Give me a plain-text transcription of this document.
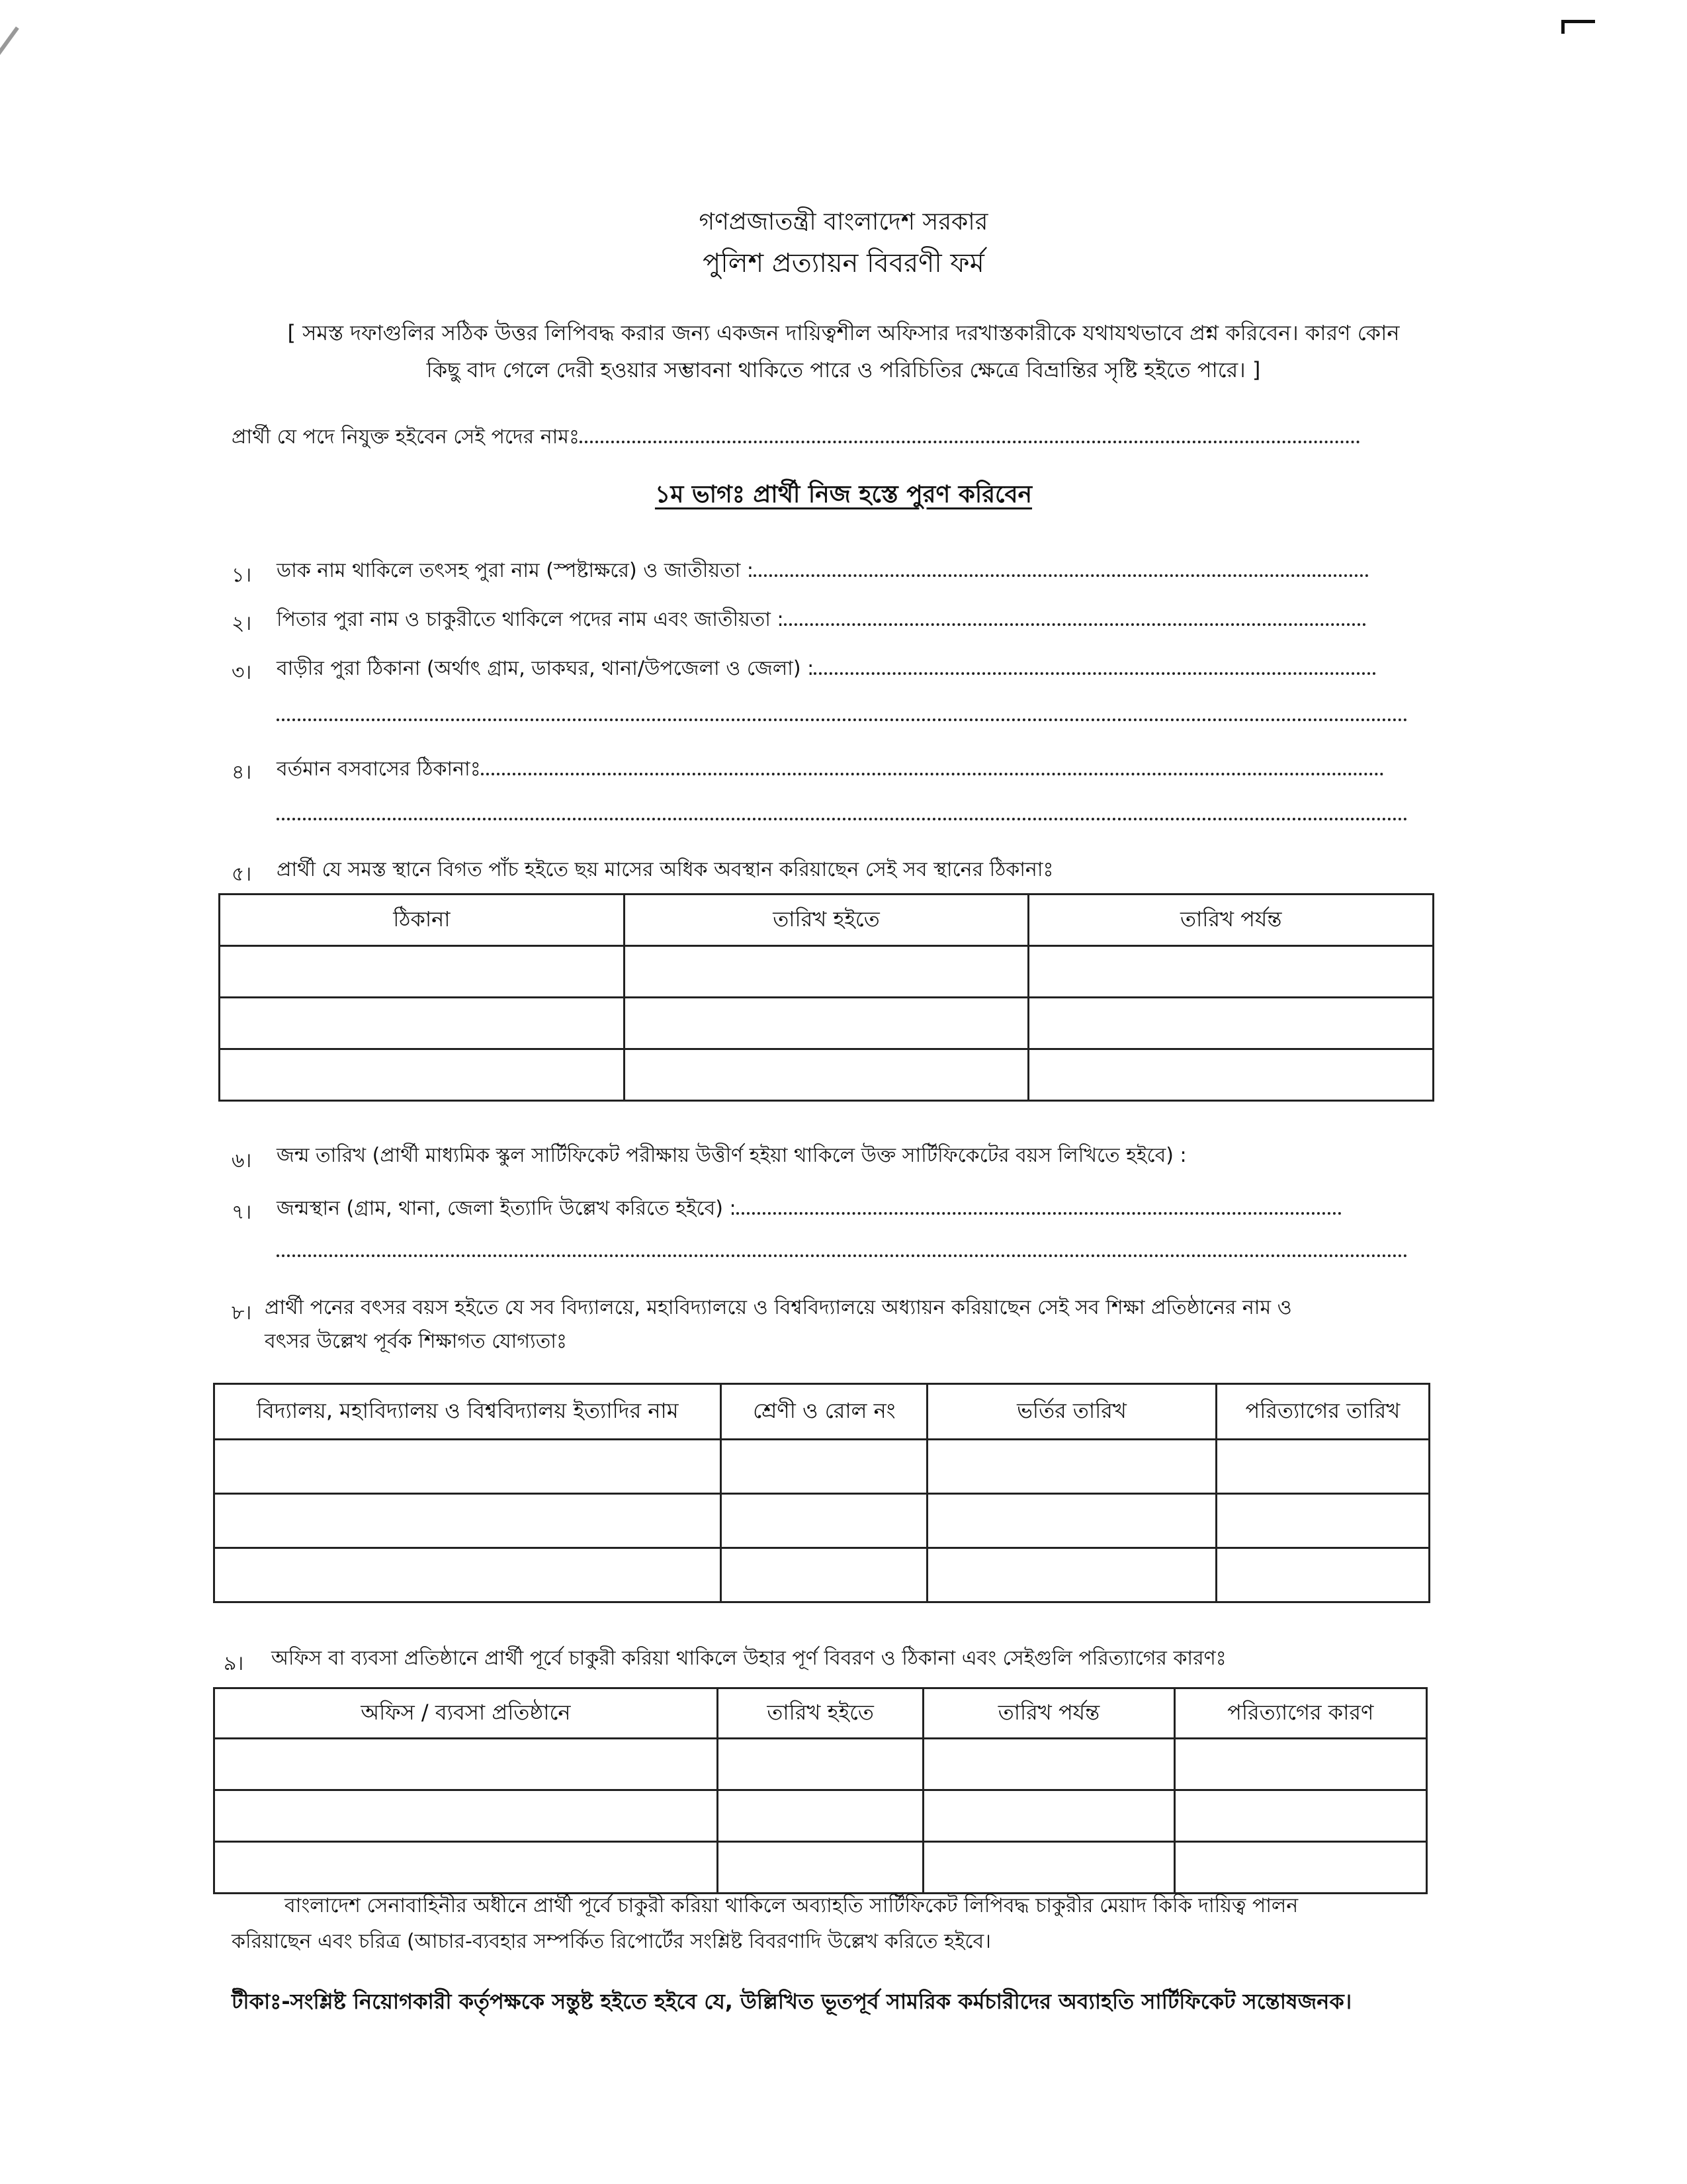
গণপ্রজাতন্ত্রী বাংলাদেশ সরকার
পুলিশ প্রত্যায়ন বিবরণী ফর্ম
[ সমস্ত দফাগুলির সঠিক উত্তর লিপিবদ্ধ করার জন্য একজন দায়িত্বশীল অফিসার দরখাস্তকারীকে যথাযথভাবে প্রশ্ন করিবেন। কারণ কোন
কিছু বাদ গেলে দেরী হওয়ার সম্ভাবনা থাকিতে পারে ও পরিচিতির ক্ষেত্রে বিভ্রান্তির সৃষ্টি হইতে পারে। ]
প্রার্থী যে পদে নিযুক্ত হইবেন সেই পদের নামঃ
১ম ভাগঃ প্রার্থী নিজ হস্তে পুরণ করিবেন
১। ডাক নাম থাকিলে তৎসহ পুরা নাম (স্পষ্টাক্ষরে) ও জাতীয়তা :
২। পিতার পুরা নাম ও চাকুরীতে থাকিলে পদের নাম এবং জাতীয়তা :
৩। বাড়ীর পুরা ঠিকানা (অর্থাৎ গ্রাম, ডাকঘর, থানা/উপজেলা ও জেলা) :
৪। বর্তমান বসবাসের ঠিকানাঃ
৫। প্রার্থী যে সমস্ত স্থানে বিগত পাঁচ হইতে ছয় মাসের অধিক অবস্থান করিয়াছেন সেই সব স্থানের ঠিকানাঃ
ঠিকানা	তারিখ হইতে	তারিখ পর্যন্ত

৬। জন্ম তারিখ (প্রার্থী মাধ্যমিক স্কুল সার্টিফিকেট পরীক্ষায় উত্তীর্ণ হইয়া থাকিলে উক্ত সার্টিফিকেটের বয়স লিখিতে হইবে) :
৭। জন্মস্থান (গ্রাম, থানা, জেলা ইত্যাদি উল্লেখ করিতে হইবে) :
৮। প্রার্থী পনের বৎসর বয়স হইতে যে সব বিদ্যালয়ে, মহাবিদ্যালয়ে ও বিশ্ববিদ্যালয়ে অধ্যায়ন করিয়াছেন সেই সব শিক্ষা প্রতিষ্ঠানের নাম ও
বৎসর উল্লেখ পূর্বক শিক্ষাগত যোগ্যতাঃ
বিদ্যালয়, মহাবিদ্যালয় ও বিশ্ববিদ্যালয় ইত্যাদির নাম	শ্রেণী ও রোল নং	ভর্তির তারিখ	পরিত্যাগের তারিখ

৯। অফিস বা ব্যবসা প্রতিষ্ঠানে প্রার্থী পূর্বে চাকুরী করিয়া থাকিলে উহার পূর্ণ বিবরণ ও ঠিকানা এবং সেইগুলি পরিত্যাগের কারণঃ
অফিস / ব্যবসা প্রতিষ্ঠানে	তারিখ হইতে	তারিখ পর্যন্ত	পরিত্যাগের কারণ

বাংলাদেশ সেনাবাহিনীর অধীনে প্রার্থী পূর্বে চাকুরী করিয়া থাকিলে অব্যাহতি সার্টিফিকেট লিপিবদ্ধ চাকুরীর মেয়াদ কিকি দায়িত্ব পালন
করিয়াছেন এবং চরিত্র (আচার-ব্যবহার সম্পর্কিত রিপোর্টের সংশ্লিষ্ট বিবরণাদি উল্লেখ করিতে হইবে।
টীকাঃ-সংশ্লিষ্ট নিয়োগকারী কর্তৃপক্ষকে সন্তুষ্ট হইতে হইবে যে, উল্লিখিত ভূতপূর্ব সামরিক কর্মচারীদের অব্যাহতি সার্টিফিকেট সন্তোষজনক।
